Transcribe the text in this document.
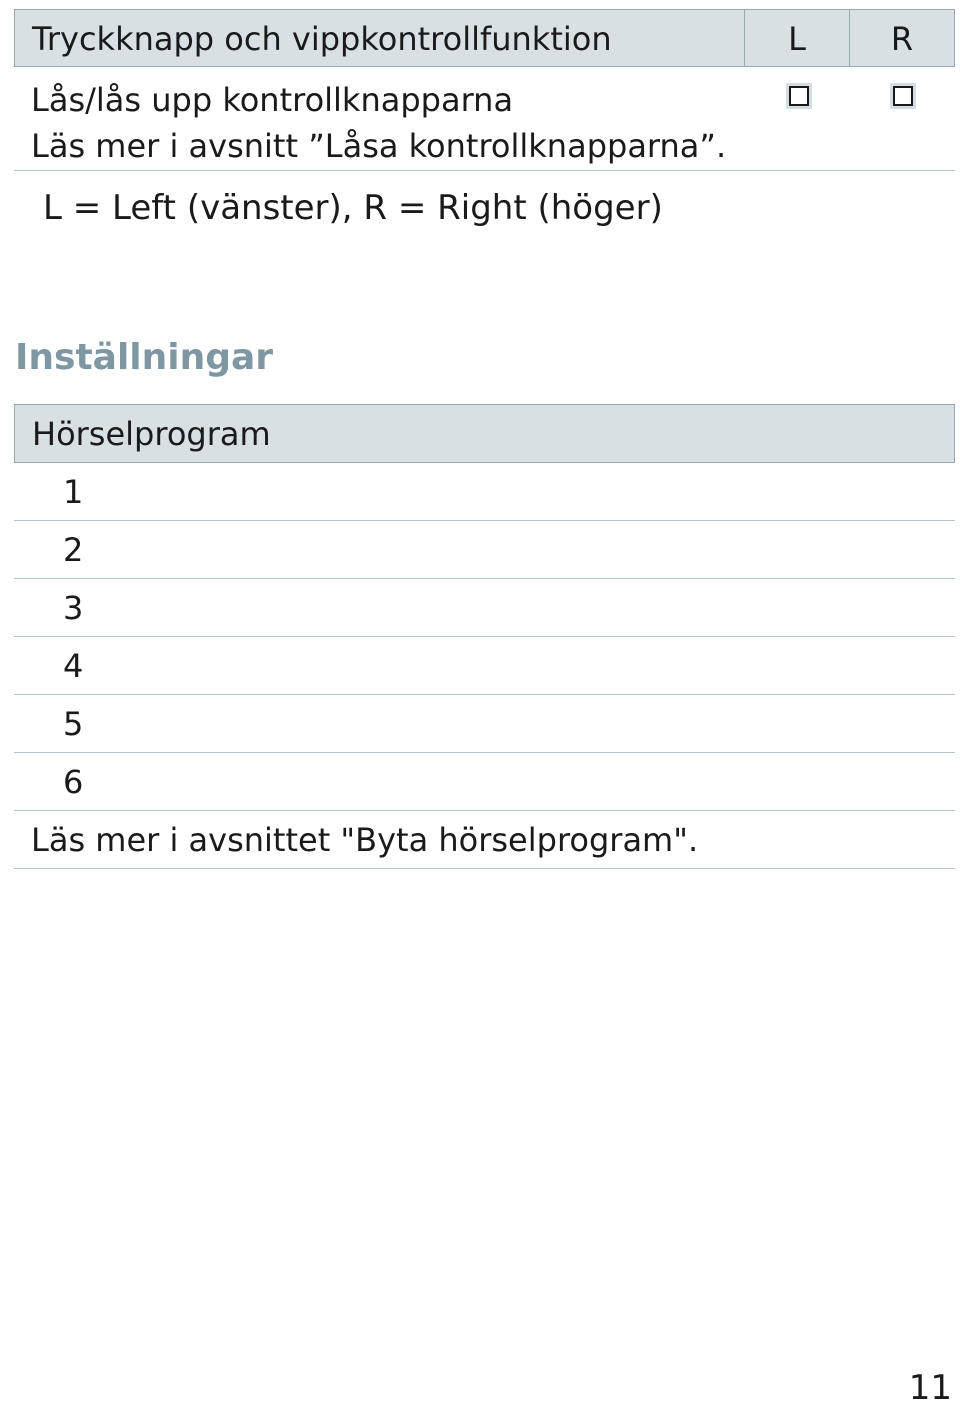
Tryckknapp och vippkontrollfunktion	L	R
Lås/lås upp kontrollknapparna
Läs mer i avsnitt ”Låsa kontrollknapparna”.
L = Left (vänster), R = Right (höger)
Inställningar
Hörselprogram
1
2
3
4
5
6
Läs mer i avsnittet "Byta hörselprogram".
11
